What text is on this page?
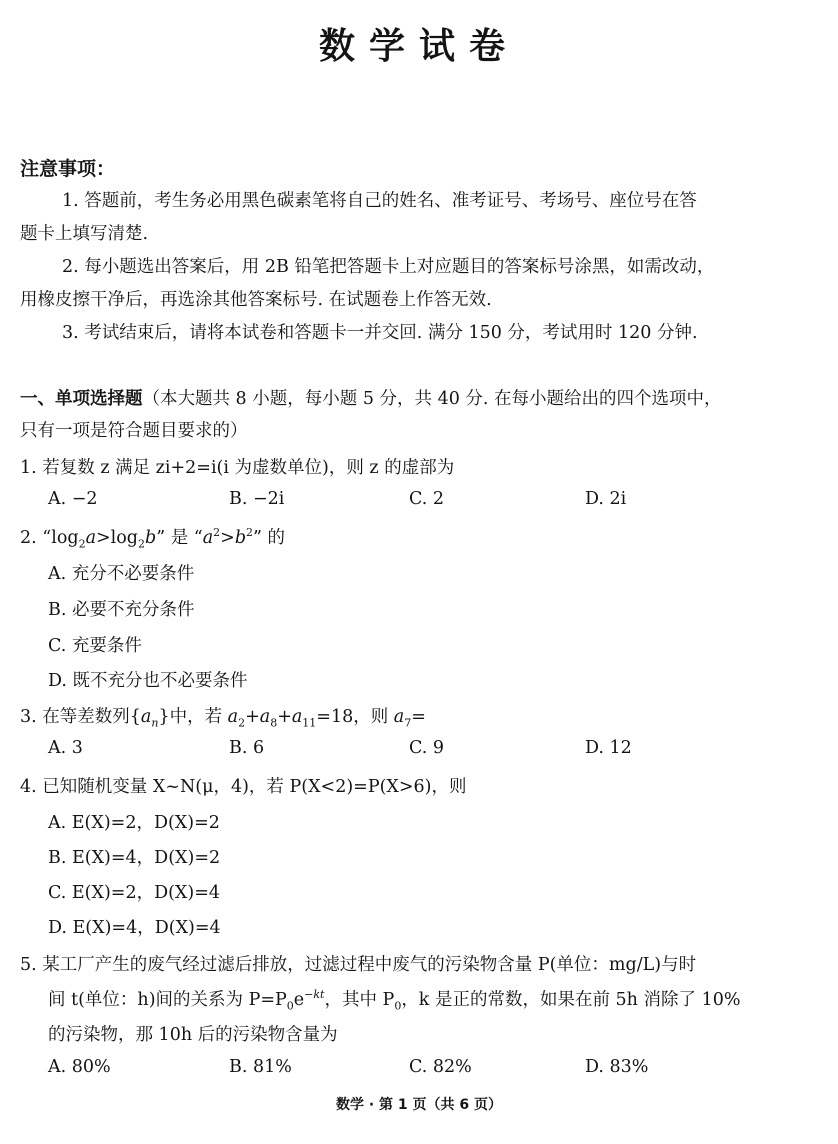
数学试卷
注意事项：
1. 答题前，考生务必用黑色碳素笔将自己的姓名、准考证号、考场号、座位号在答
题卡上填写清楚.
2. 每小题选出答案后，用 2B 铅笔把答题卡上对应题目的答案标号涂黑，如需改动，
用橡皮擦干净后，再选涂其他答案标号. 在试题卷上作答无效.
3. 考试结束后，请将本试卷和答题卡一并交回. 满分 150 分，考试用时 120 分钟.
一、单项选择题（本大题共 8 小题，每小题 5 分，共 40 分. 在每小题给出的四个选项中，
只有一项是符合题目要求的）
1. 若复数 z 满足 zi+2=i(i 为虚数单位)，则 z 的虚部为
A. −2	B. −2i	C. 2	D. 2i
2. “$\log_2a>\log_2b$” 是 “$a^2>b^2$” 的
A. 充分不必要条件
B. 必要不充分条件
C. 充要条件
D. 既不充分也不必要条件
3. 在等差数列$\{a_n\}$中，若 $a_2+a_8+a_{11}=18$，则 $a_7=$
A. 3	B. 6	C. 9	D. 12
4. 已知随机变量 X~N(μ，4)，若 P(X<2)=P(X>6)，则
A. E(X)=2，D(X)=2
B. E(X)=4，D(X)=2
C. E(X)=2，D(X)=4
D. E(X)=4，D(X)=4
5. 某工厂产生的废气经过滤后排放，过滤过程中废气的污染物含量 P(单位：mg/L)与时
间 t(单位：h)间的关系为 $P=P_0e^{-kt}$，其中 $P_0$，k 是正的常数，如果在前 5h 消除了 10%
的污染物，那 10h 后的污染物含量为
A. 80%	B. 81%	C. 82%	D. 83%
数学 · 第 1 页（共 6 页）
